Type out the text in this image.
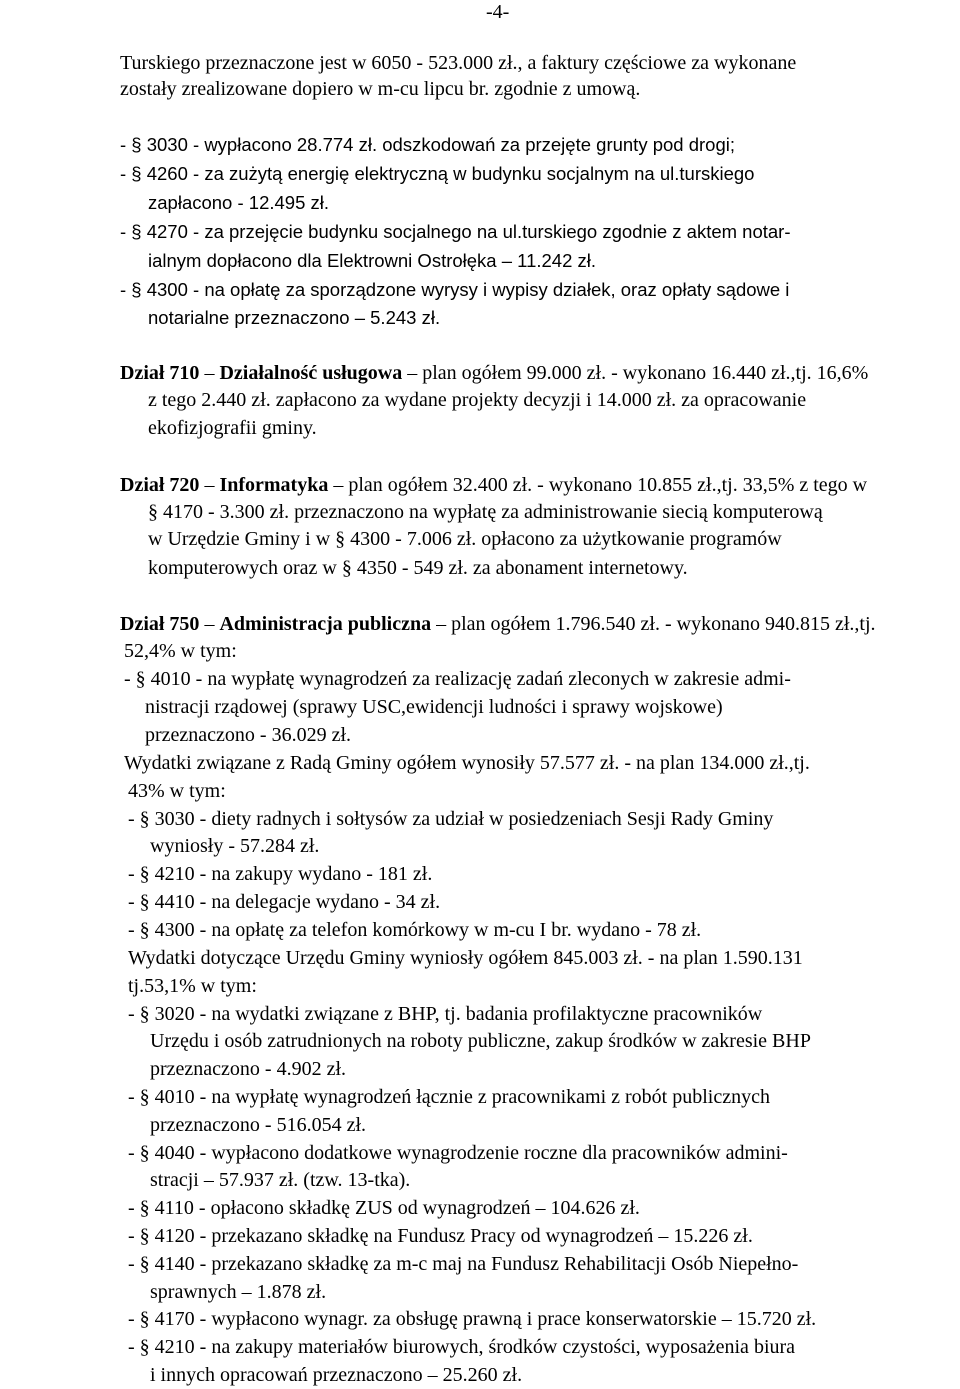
-4-
Turskiego przeznaczone jest w 6050 - 523.000 zł., a faktury częściowe za wykonane
zostały zrealizowane dopiero w m-cu lipcu br. zgodnie z umową.
- § 3030 - wypłacono 28.774 zł. odszkodowań za przejęte grunty pod drogi;
- § 4260 - za zużytą energię elektryczną w budynku socjalnym na ul.turskiego
zapłacono - 12.495 zł.
- § 4270 - za przejęcie budynku socjalnego na ul.turskiego zgodnie z aktem notar-
ialnym dopłacono dla Elektrowni Ostrołęka – 11.242 zł.
- § 4300 - na opłatę za sporządzone wyrysy i wypisy działek, oraz opłaty sądowe i
notarialne przeznaczono – 5.243 zł.
Dział 710 – Działalność usługowa – plan ogółem 99.000 zł. - wykonano 16.440 zł.,tj. 16,6%
z tego 2.440 zł. zapłacono za wydane projekty decyzji i 14.000 zł. za opracowanie
ekofizjografii gminy.
Dział 720 – Informatyka – plan ogółem 32.400 zł. - wykonano 10.855 zł.,tj. 33,5% z tego w
§ 4170 - 3.300 zł. przeznaczono na wypłatę za administrowanie siecią komputerową
w Urzędzie Gminy i w § 4300 - 7.006 zł. opłacono za użytkowanie programów
komputerowych oraz w § 4350 - 549 zł. za abonament internetowy.
Dział 750 – Administracja publiczna – plan ogółem 1.796.540 zł. - wykonano 940.815 zł.,tj.
52,4% w tym:
- § 4010 - na wypłatę wynagrodzeń za realizację zadań zleconych w zakresie admi-
nistracji rządowej (sprawy USC,ewidencji ludności i sprawy wojskowe)
przeznaczono - 36.029 zł.
Wydatki związane z Radą Gminy ogółem wynosiły 57.577 zł. - na plan 134.000 zł.,tj.
43% w tym:
- § 3030 - diety radnych i sołtysów za udział w posiedzeniach Sesji Rady Gminy
wyniosły - 57.284 zł.
- § 4210 - na zakupy wydano - 181 zł.
- § 4410 - na delegacje wydano - 34 zł.
- § 4300 - na opłatę za telefon komórkowy w m-cu I br. wydano - 78 zł.
Wydatki dotyczące Urzędu Gminy wyniosły ogółem 845.003 zł. - na plan 1.590.131
tj.53,1% w tym:
- § 3020 - na wydatki związane z BHP, tj. badania profilaktyczne pracowników
Urzędu i osób zatrudnionych na roboty publiczne, zakup środków w zakresie BHP
przeznaczono - 4.902 zł.
- § 4010 - na wypłatę wynagrodzeń łącznie z pracownikami z robót publicznych
przeznaczono - 516.054 zł.
- § 4040 - wypłacono dodatkowe wynagrodzenie roczne dla pracowników admini-
stracji – 57.937 zł. (tzw. 13-tka).
- § 4110 - opłacono składkę ZUS od wynagrodzeń – 104.626 zł.
- § 4120 - przekazano składkę na Fundusz Pracy od wynagrodzeń – 15.226 zł.
- § 4140 - przekazano składkę za m-c maj na Fundusz Rehabilitacji Osób Niepełno-
sprawnych – 1.878 zł.
- § 4170 - wypłacono wynagr. za obsługę prawną i prace konserwatorskie – 15.720 zł.
- § 4210 - na zakupy materiałów biurowych, środków czystości, wyposażenia biura
i innych opracowań przeznaczono – 25.260 zł.
